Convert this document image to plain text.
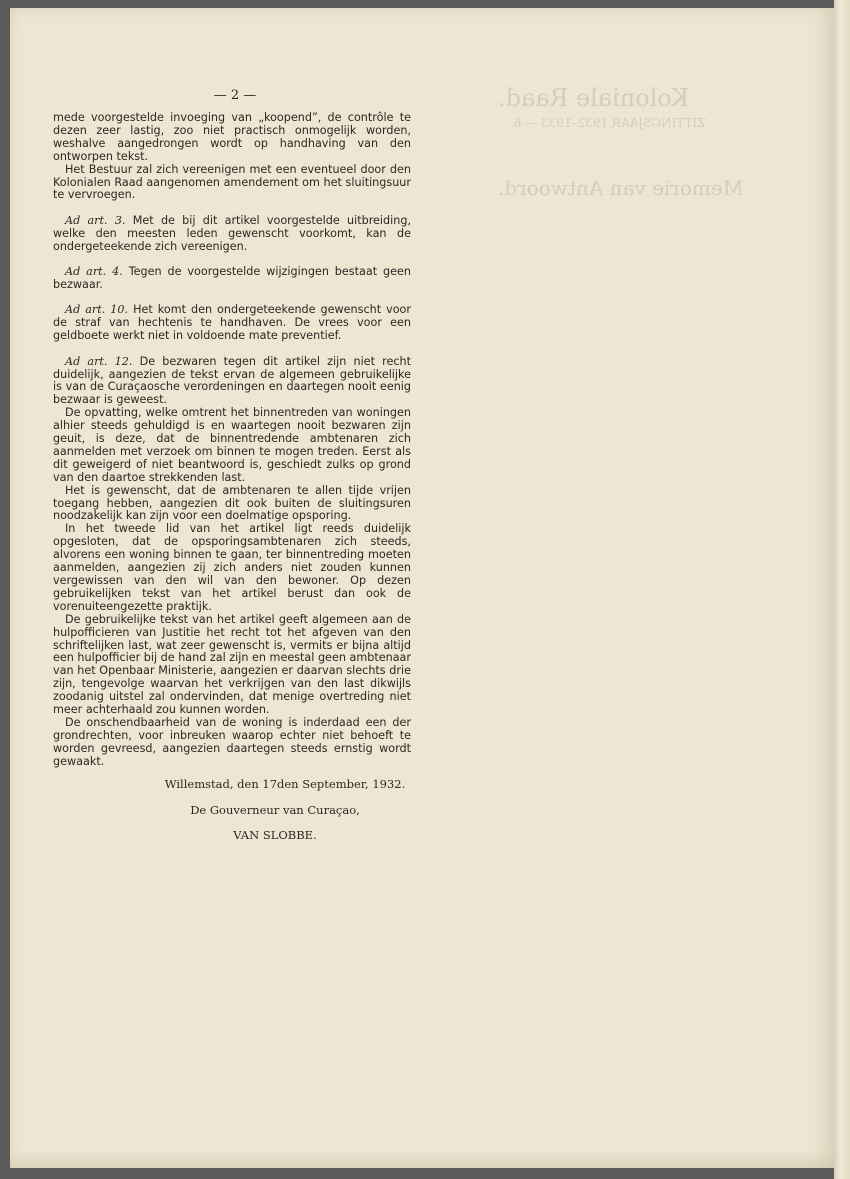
Koloniale Raad.
ZITTINGSJAAR 1932–1933 — 6.
Memorie van Antwoord.
— 2 —

mede voorgestelde invoeging van „koopend”, de contrôle te dezen zeer lastig, zoo niet practisch onmogelijk worden, weshalve aangedrongen wordt op handhaving van den ontworpen tekst.

Het Bestuur zal zich vereenigen met een eventueel door den Kolonialen Raad aangenomen amendement om het sluitingsuur te vervroegen.

Ad art. 3. Met de bij dit artikel voorgestelde uitbreiding, welke den meesten leden gewenscht voorkomt, kan de ondergeteekende zich vereenigen.

Ad art. 4. Tegen de voorgestelde wijzigingen bestaat geen bezwaar.

Ad art. 10. Het komt den ondergeteekende gewenscht voor de straf van hechtenis te handhaven. De vrees voor een geldboete werkt niet in voldoende mate preventief.

Ad art. 12. De bezwaren tegen dit artikel zijn niet recht duidelijk, aangezien de tekst ervan de algemeen gebruikelijke is van de Curaçaosche verordeningen en daartegen nooit eenig bezwaar is geweest.

De opvatting, welke omtrent het binnentreden van woningen alhier steeds gehuldigd is en waartegen nooit bezwaren zijn geuit, is deze, dat de binnentredende ambtenaren zich aanmelden met verzoek om binnen te mogen treden. Eerst als dit geweigerd of niet beantwoord is, geschiedt zulks op grond van den daartoe strekkenden last.

Het is gewenscht, dat de ambtenaren te allen tijde vrijen toegang hebben, aangezien dit ook buiten de sluitingsuren noodzakelijk kan zijn voor een doelmatige opsporing.

In het tweede lid van het artikel ligt reeds duidelijk opgesloten, dat de opsporingsambtenaren zich steeds, alvorens een woning binnen te gaan, ter binnentreding moeten aanmelden, aangezien zij zich anders niet zouden kunnen vergewissen van den wil van den bewoner. Op dezen gebruikelijken tekst van het artikel berust dan ook de vorenuiteengezette praktijk.

De gebruikelijke tekst van het artikel geeft algemeen aan de hulpofficieren van Justitie het recht tot het afgeven van den schriftelijken last, wat zeer gewenscht is, vermits er bijna altijd een hulpofficier bij de hand zal zijn en meestal geen ambtenaar van het Openbaar Ministerie, aangezien er daarvan slechts drie zijn, tengevolge waarvan het verkrijgen van den last dikwijls zoodanig uitstel zal ondervinden, dat menige overtreding niet meer achterhaald zou kunnen worden.

De onschendbaarheid van de woning is inderdaad een der grondrechten, voor inbreuken waarop echter niet behoeft te worden gevreesd, aangezien daartegen steeds ernstig wordt gewaakt.

Willemstad, den 17den September, 1932.
De Gouverneur van Curaçao,
VAN SLOBBE.
